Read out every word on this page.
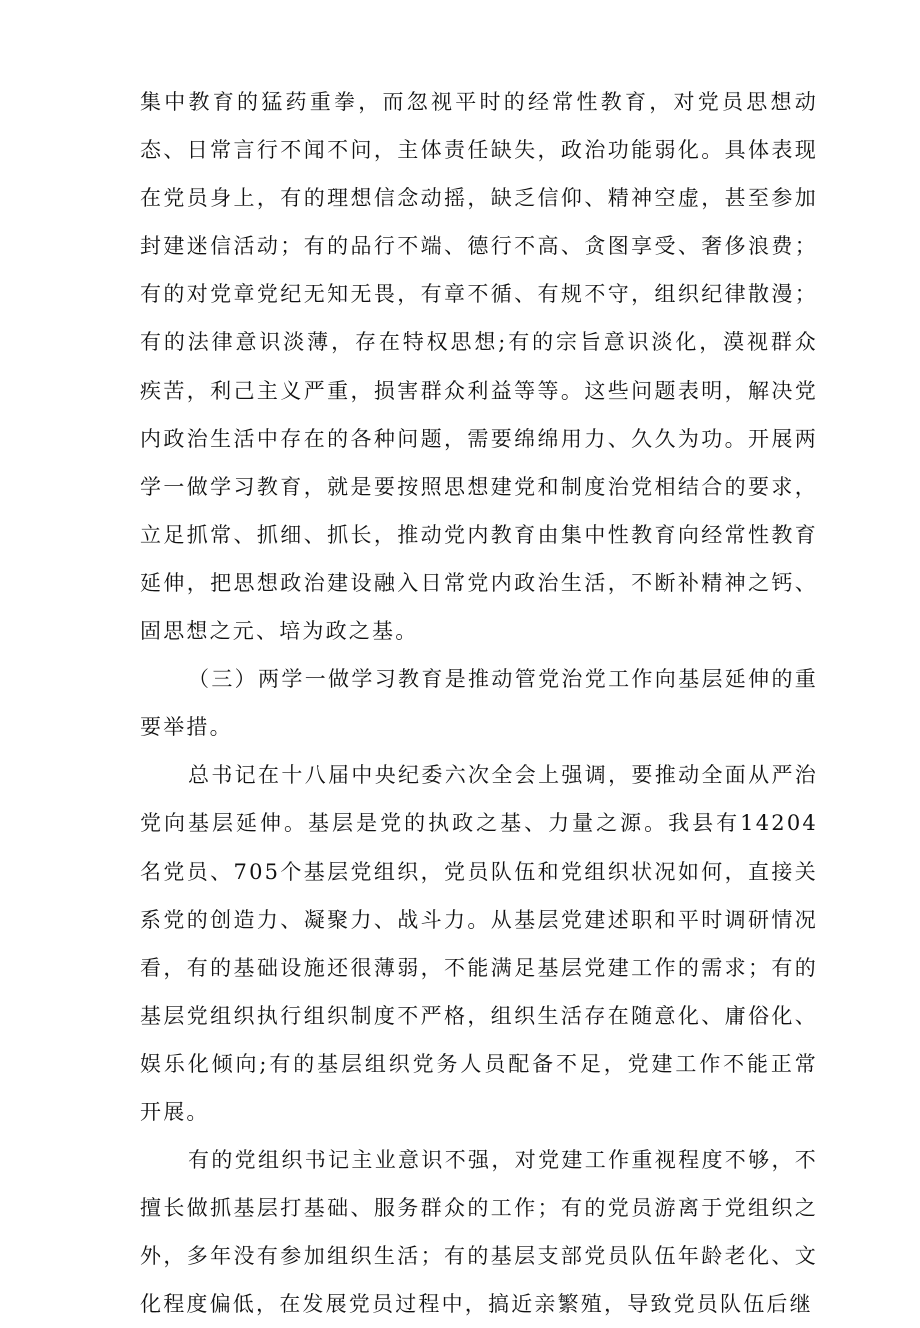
集中教育的猛药重拳，而忽视平时的经常性教育，对党员思想动态、日常言行不闻不问，主体责任缺失，政治功能弱化。具体表现在党员身上，有的理想信念动摇，缺乏信仰、精神空虚，甚至参加封建迷信活动；有的品行不端、德行不高、贪图享受、奢侈浪费；有的对党章党纪无知无畏，有章不循、有规不守，组织纪律散漫；有的法律意识淡薄，存在特权思想;有的宗旨意识淡化，漠视群众疾苦，利己主义严重，损害群众利益等等。这些问题表明，解决党内政治生活中存在的各种问题，需要绵绵用力、久久为功。开展两学一做学习教育，就是要按照思想建党和制度治党相结合的要求，立足抓常、抓细、抓长，推动党内教育由集中性教育向经常性教育延伸，把思想政治建设融入日常党内政治生活，不断补精神之钙、固思想之元、培为政之基。

（三）两学一做学习教育是推动管党治党工作向基层延伸的重要举措。

总书记在十八届中央纪委六次全会上强调，要推动全面从严治党向基层延伸。基层是党的执政之基、力量之源。我县有14204名党员、705个基层党组织，党员队伍和党组织状况如何，直接关系党的创造力、凝聚力、战斗力。从基层党建述职和平时调研情况看，有的基础设施还很薄弱，不能满足基层党建工作的需求；有的基层党组织执行组织制度不严格，组织生活存在随意化、庸俗化、娱乐化倾向;有的基层组织党务人员配备不足，党建工作不能正常开展。

有的党组织书记主业意识不强，对党建工作重视程度不够，不擅长做抓基层打基础、服务群众的工作；有的党员游离于党组织之外，多年没有参加组织生活；有的基层支部党员队伍年龄老化、文化程度偏低，在发展党员过程中，搞近亲繁殖，导致党员队伍后继
